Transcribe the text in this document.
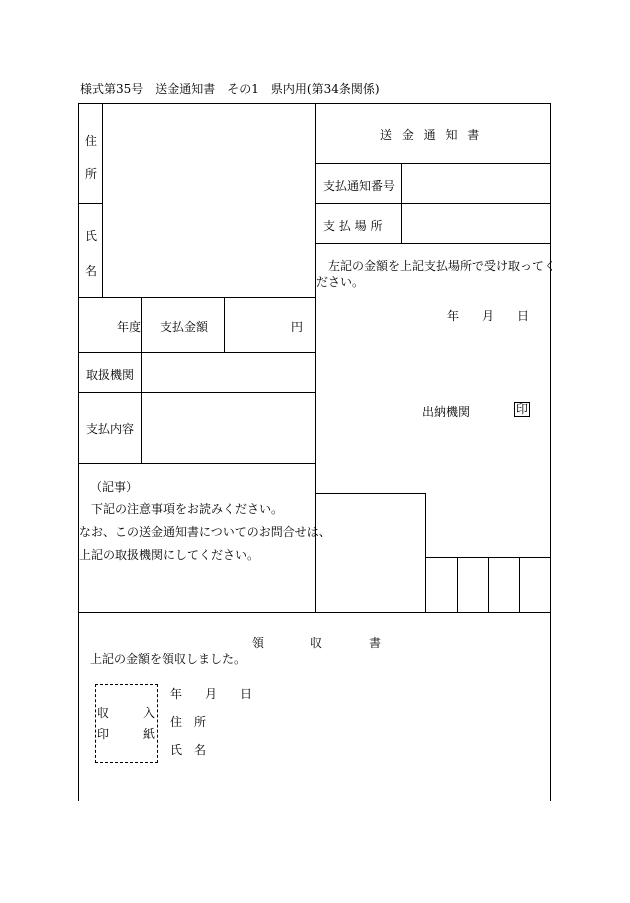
様式第35号　送金通知書　その1　県内用(第34条関係)
住
所
氏
名
年度 支払金額	円
取扱機関
支払内容
（記事）
下記の注意事項をお読みください。
なお、この送金通知書についてのお問合せは、
上記の取扱機関にしてください。
送 金 通 知 書
支払通知番号
支 払 場 所
左記の金額を上記支払場所で受け取ってく
ださい。
年 月 日
出納機関	印
領	収	書
上記の金額を領収しました。
収	入
印	紙
年 月 日
住　所
氏　名
